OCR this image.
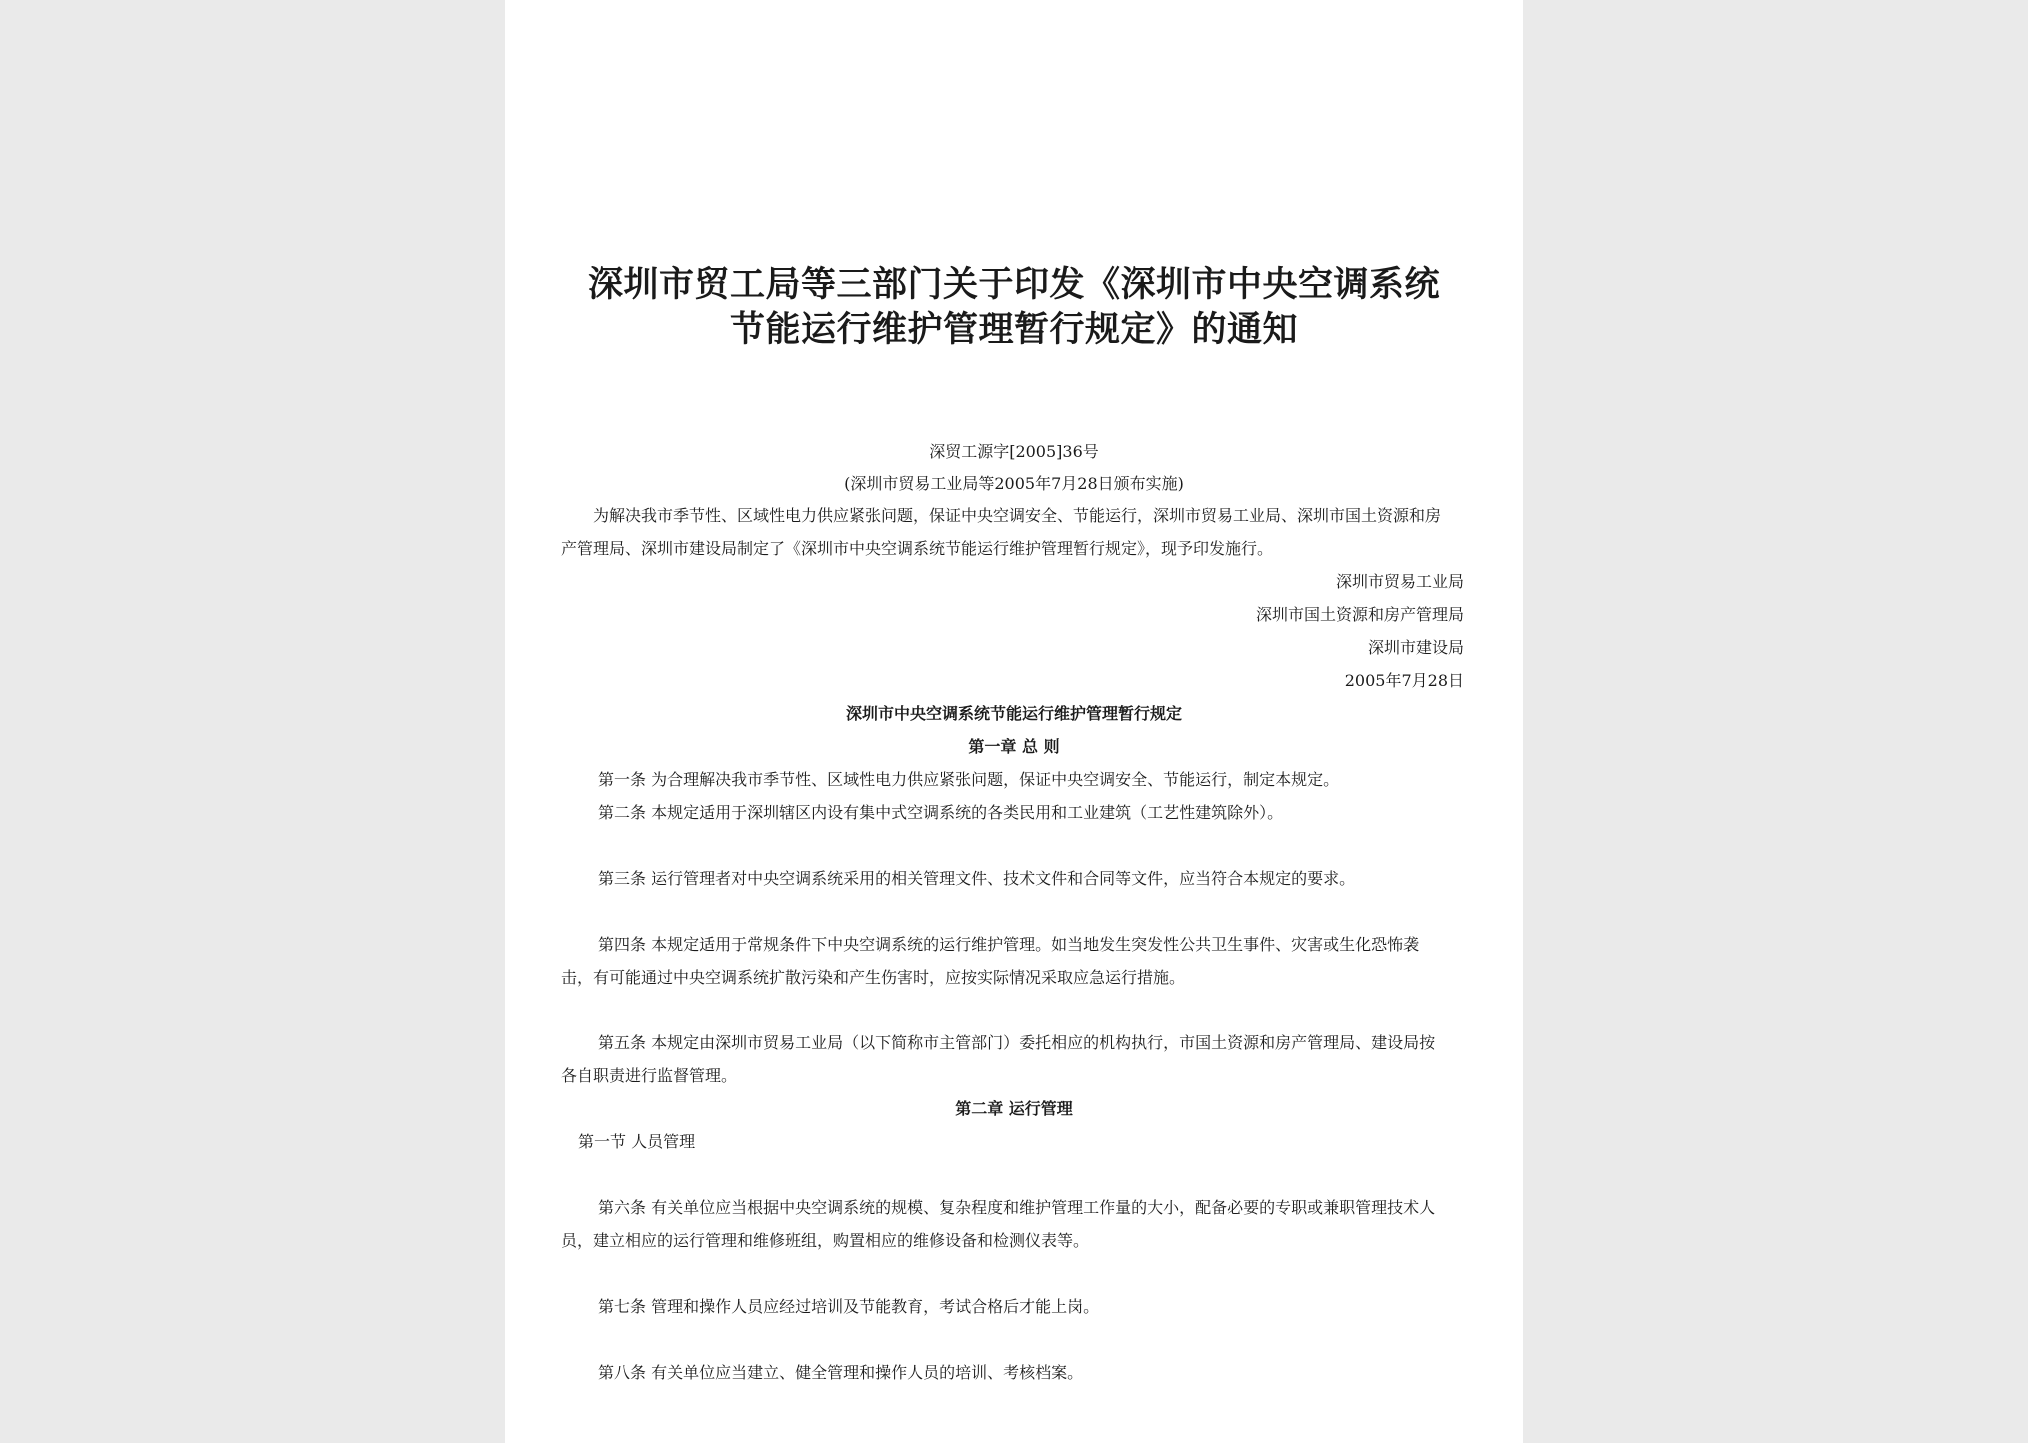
深圳市贸工局等三部门关于印发《深圳市中央空调系统
节能运行维护管理暂行规定》的通知
深贸工源字[2005]36号
(深圳市贸易工业局等2005年7月28日颁布实施)
为解决我市季节性、区域性电力供应紧张问题，保证中央空调安全、节能运行，深圳市贸易工业局、深圳市国土资源和房
产管理局、深圳市建设局制定了《深圳市中央空调系统节能运行维护管理暂行规定》，现予印发施行。
深圳市贸易工业局
深圳市国土资源和房产管理局
深圳市建设局
2005年7月28日
深圳市中央空调系统节能运行维护管理暂行规定
第一章 总 则
第一条 为合理解决我市季节性、区域性电力供应紧张问题，保证中央空调安全、节能运行，制定本规定。
第二条 本规定适用于深圳辖区内设有集中式空调系统的各类民用和工业建筑（工艺性建筑除外）。
第三条 运行管理者对中央空调系统采用的相关管理文件、技术文件和合同等文件，应当符合本规定的要求。
第四条 本规定适用于常规条件下中央空调系统的运行维护管理。如当地发生突发性公共卫生事件、灾害或生化恐怖袭
击，有可能通过中央空调系统扩散污染和产生伤害时，应按实际情况采取应急运行措施。
第五条 本规定由深圳市贸易工业局（以下简称市主管部门）委托相应的机构执行，市国土资源和房产管理局、建设局按
各自职责进行监督管理。
第二章 运行管理
第一节 人员管理
第六条 有关单位应当根据中央空调系统的规模、复杂程度和维护管理工作量的大小，配备必要的专职或兼职管理技术人
员，建立相应的运行管理和维修班组，购置相应的维修设备和检测仪表等。
第七条 管理和操作人员应经过培训及节能教育，考试合格后才能上岗。
第八条 有关单位应当建立、健全管理和操作人员的培训、考核档案。
